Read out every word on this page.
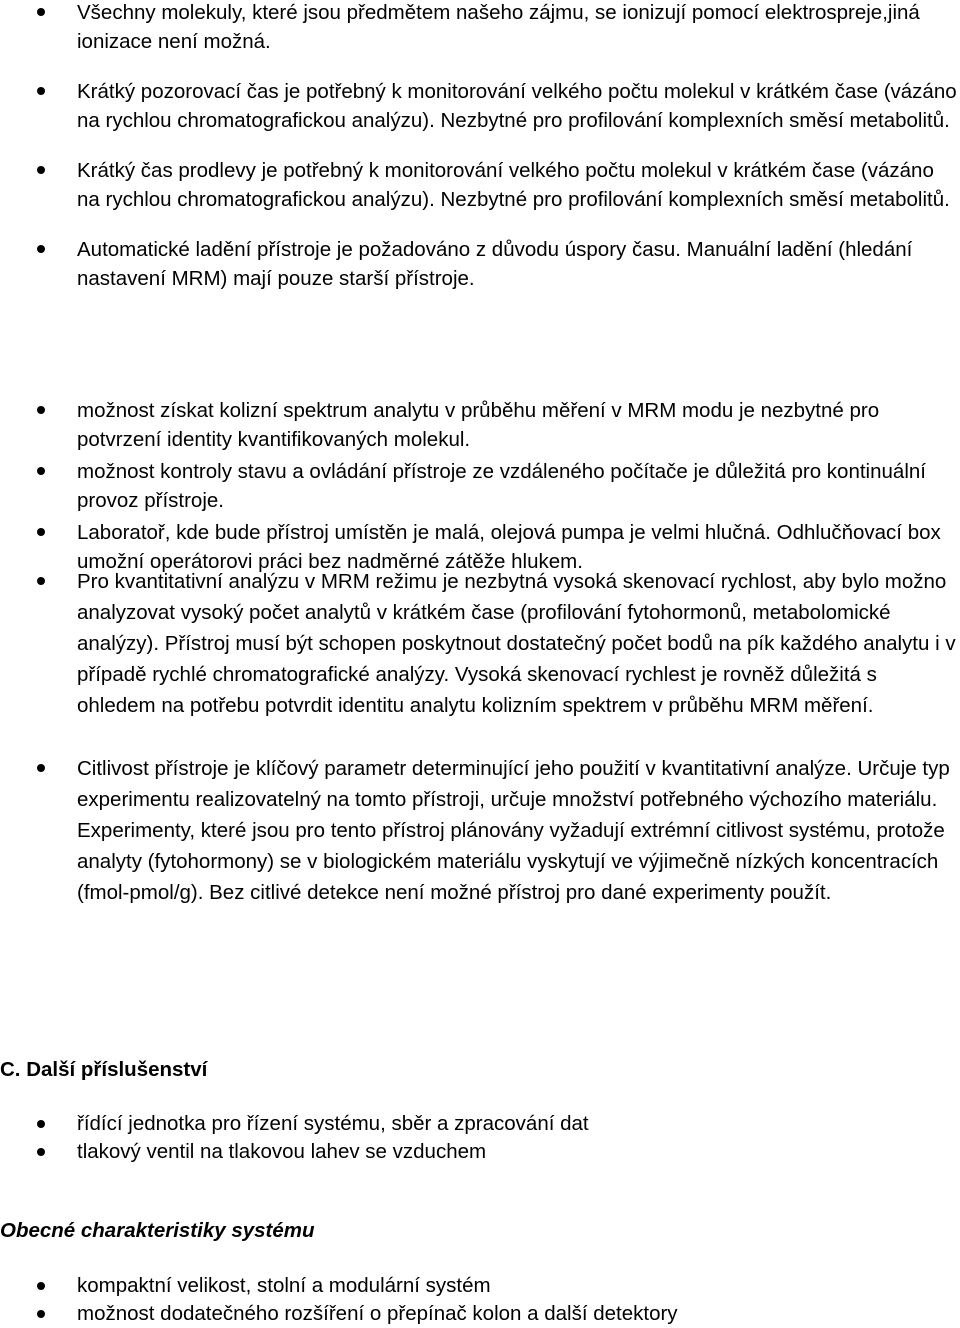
Všechny molekuly, které jsou předmětem našeho zájmu, se ionizují pomocí elektrospreje,jiná ionizace není možná.
Krátký pozorovací čas je potřebný k monitorování velkého počtu molekul v krátkém čase (vázáno na rychlou chromatografickou analýzu). Nezbytné pro profilování komplexních směsí metabolitů.
Krátký čas prodlevy je potřebný k monitorování velkého počtu molekul v krátkém čase (vázáno na rychlou chromatografickou analýzu). Nezbytné pro profilování komplexních směsí metabolitů.
Automatické ladění přístroje je požadováno z důvodu úspory času. Manuální ladění (hledání nastavení MRM) mají pouze starší přístroje.
možnost získat kolizní spektrum analytu v průběhu měření v MRM modu je nezbytné pro potvrzení identity kvantifikovaných molekul.
možnost kontroly stavu a ovládání přístroje ze vzdáleného počítače je důležitá pro kontinuální provoz přístroje.
Laboratoř, kde bude přístroj umístěn je malá, olejová pumpa je velmi hlučná. Odhlučňovací box umožní operátorovi práci bez nadměrné zátěže hlukem.
Pro kvantitativní analýzu v MRM režimu je nezbytná vysoká skenovací rychlost, aby bylo možno analyzovat vysoký počet analytů v krátkém čase (profilování fytohormonů, metabolomické analýzy). Přístroj musí být schopen poskytnout dostatečný počet bodů na pík každého analytu i v případě rychlé chromatografické analýzy. Vysoká skenovací rychlest je rovněž důležitá s ohledem na potřebu potvrdit identitu analytu kolizním spektrem v průběhu MRM měření.
Citlivost přístroje je klíčový parametr determinující jeho použití v kvantitativní analýze. Určuje typ experimentu realizovatelný na tomto přístroji, určuje množství potřebného výchozího materiálu. Experimenty, které jsou pro tento přístroj plánovány vyžadují extrémní citlivost systému, protože analyty (fytohormony) se v biologickém materiálu vyskytují ve výjimečně nízkých koncentracích (fmol-pmol/g). Bez citlivé detekce není možné přístroj pro dané experimenty použít.
C. Další příslušenství
řídící jednotka pro řízení systému, sběr a zpracování dat
tlakový ventil na tlakovou lahev se vzduchem
Obecné charakteristiky systému
kompaktní velikost, stolní a modulární systém
možnost dodatečného rozšíření o přepínač kolon a další detektory
